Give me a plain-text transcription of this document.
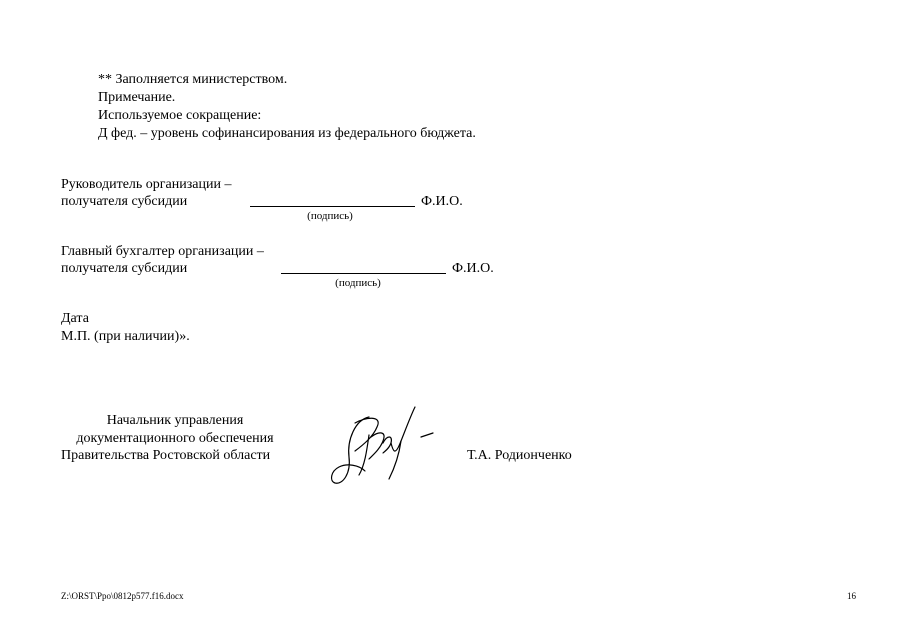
** Заполняется министерством.
Примечание.
Используемое сокращение:
Д фед. – уровень софинансирования из федерального бюджета.
Руководитель организации –
получателя субсидии	Ф.И.О.
(подпись)
Главный бухгалтер организации –
получателя субсидии	Ф.И.О.
(подпись)
Дата
М.П. (при наличии)».
Начальник управления
документационного обеспечения
Правительства Ростовской области	Т.А. Родионченко
Z:\ORST\Ppo\0812p577.f16.docx	16
